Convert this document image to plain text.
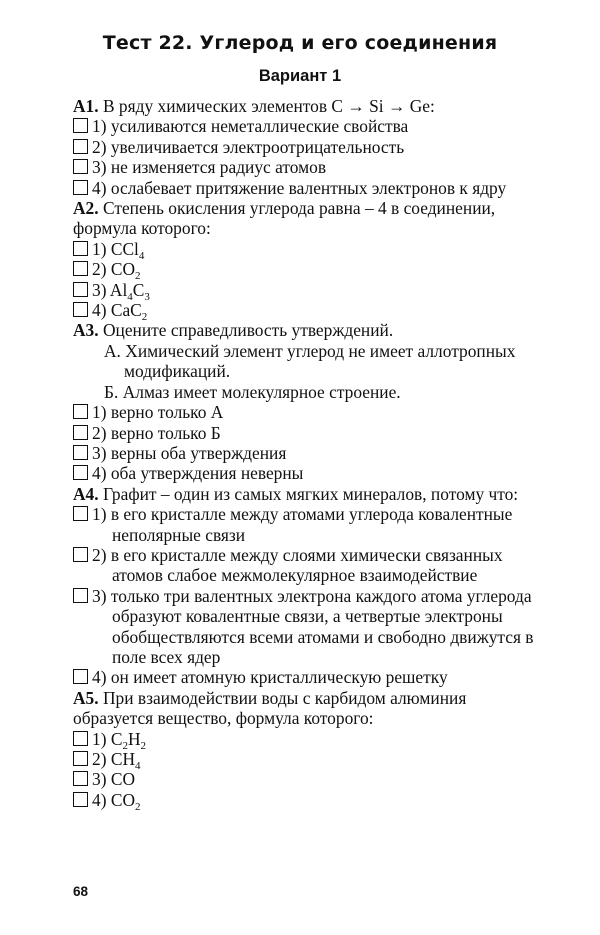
Тест 22. Углерод и его соединения
Вариант 1

A1. В ряду химических элементов C → Si → Ge:

1) усиливаются неметаллические свойства
2) увеличивается электроотрицательность
3) не изменяется радиус атомов
4) ослабевает притяжение валентных электронов к ядру

A2. Степень окисления углерода равна – 4 в соединении, формула которого:

1) CCl$_4$
2) $CO_2$
3) $Al_4C_3$
4) CaC$_2$

A3. Оцените справедливость утверждений.

А. Химический элемент углерод не имеет аллотропных модификаций.

Б. Алмаз имеет молекулярное строение.

1) верно только А
2) верно только Б
3) верны оба утверждения
4) оба утверждения неверны

A4. Графит – один из самых мягких минералов, потому что:

1) в его кристалле между атомами углерода ковалентные неполярные связи
2) в его кристалле между слоями химически связанных атомов слабое межмолекулярное взаимодействие
3) только три валентных электрона каждого атома углерода образуют ковалентные связи, а четвертые электроны обобществляются всеми атомами и свободно движутся в поле всех ядер
4) он имеет атомную кристаллическую решетку

A5. При взаимодействии воды с карбидом алюминия образуется вещество, формула которого:

1) $C_2H_2$
2) $CH_4$
3) CO
4) $CO_2$
68
